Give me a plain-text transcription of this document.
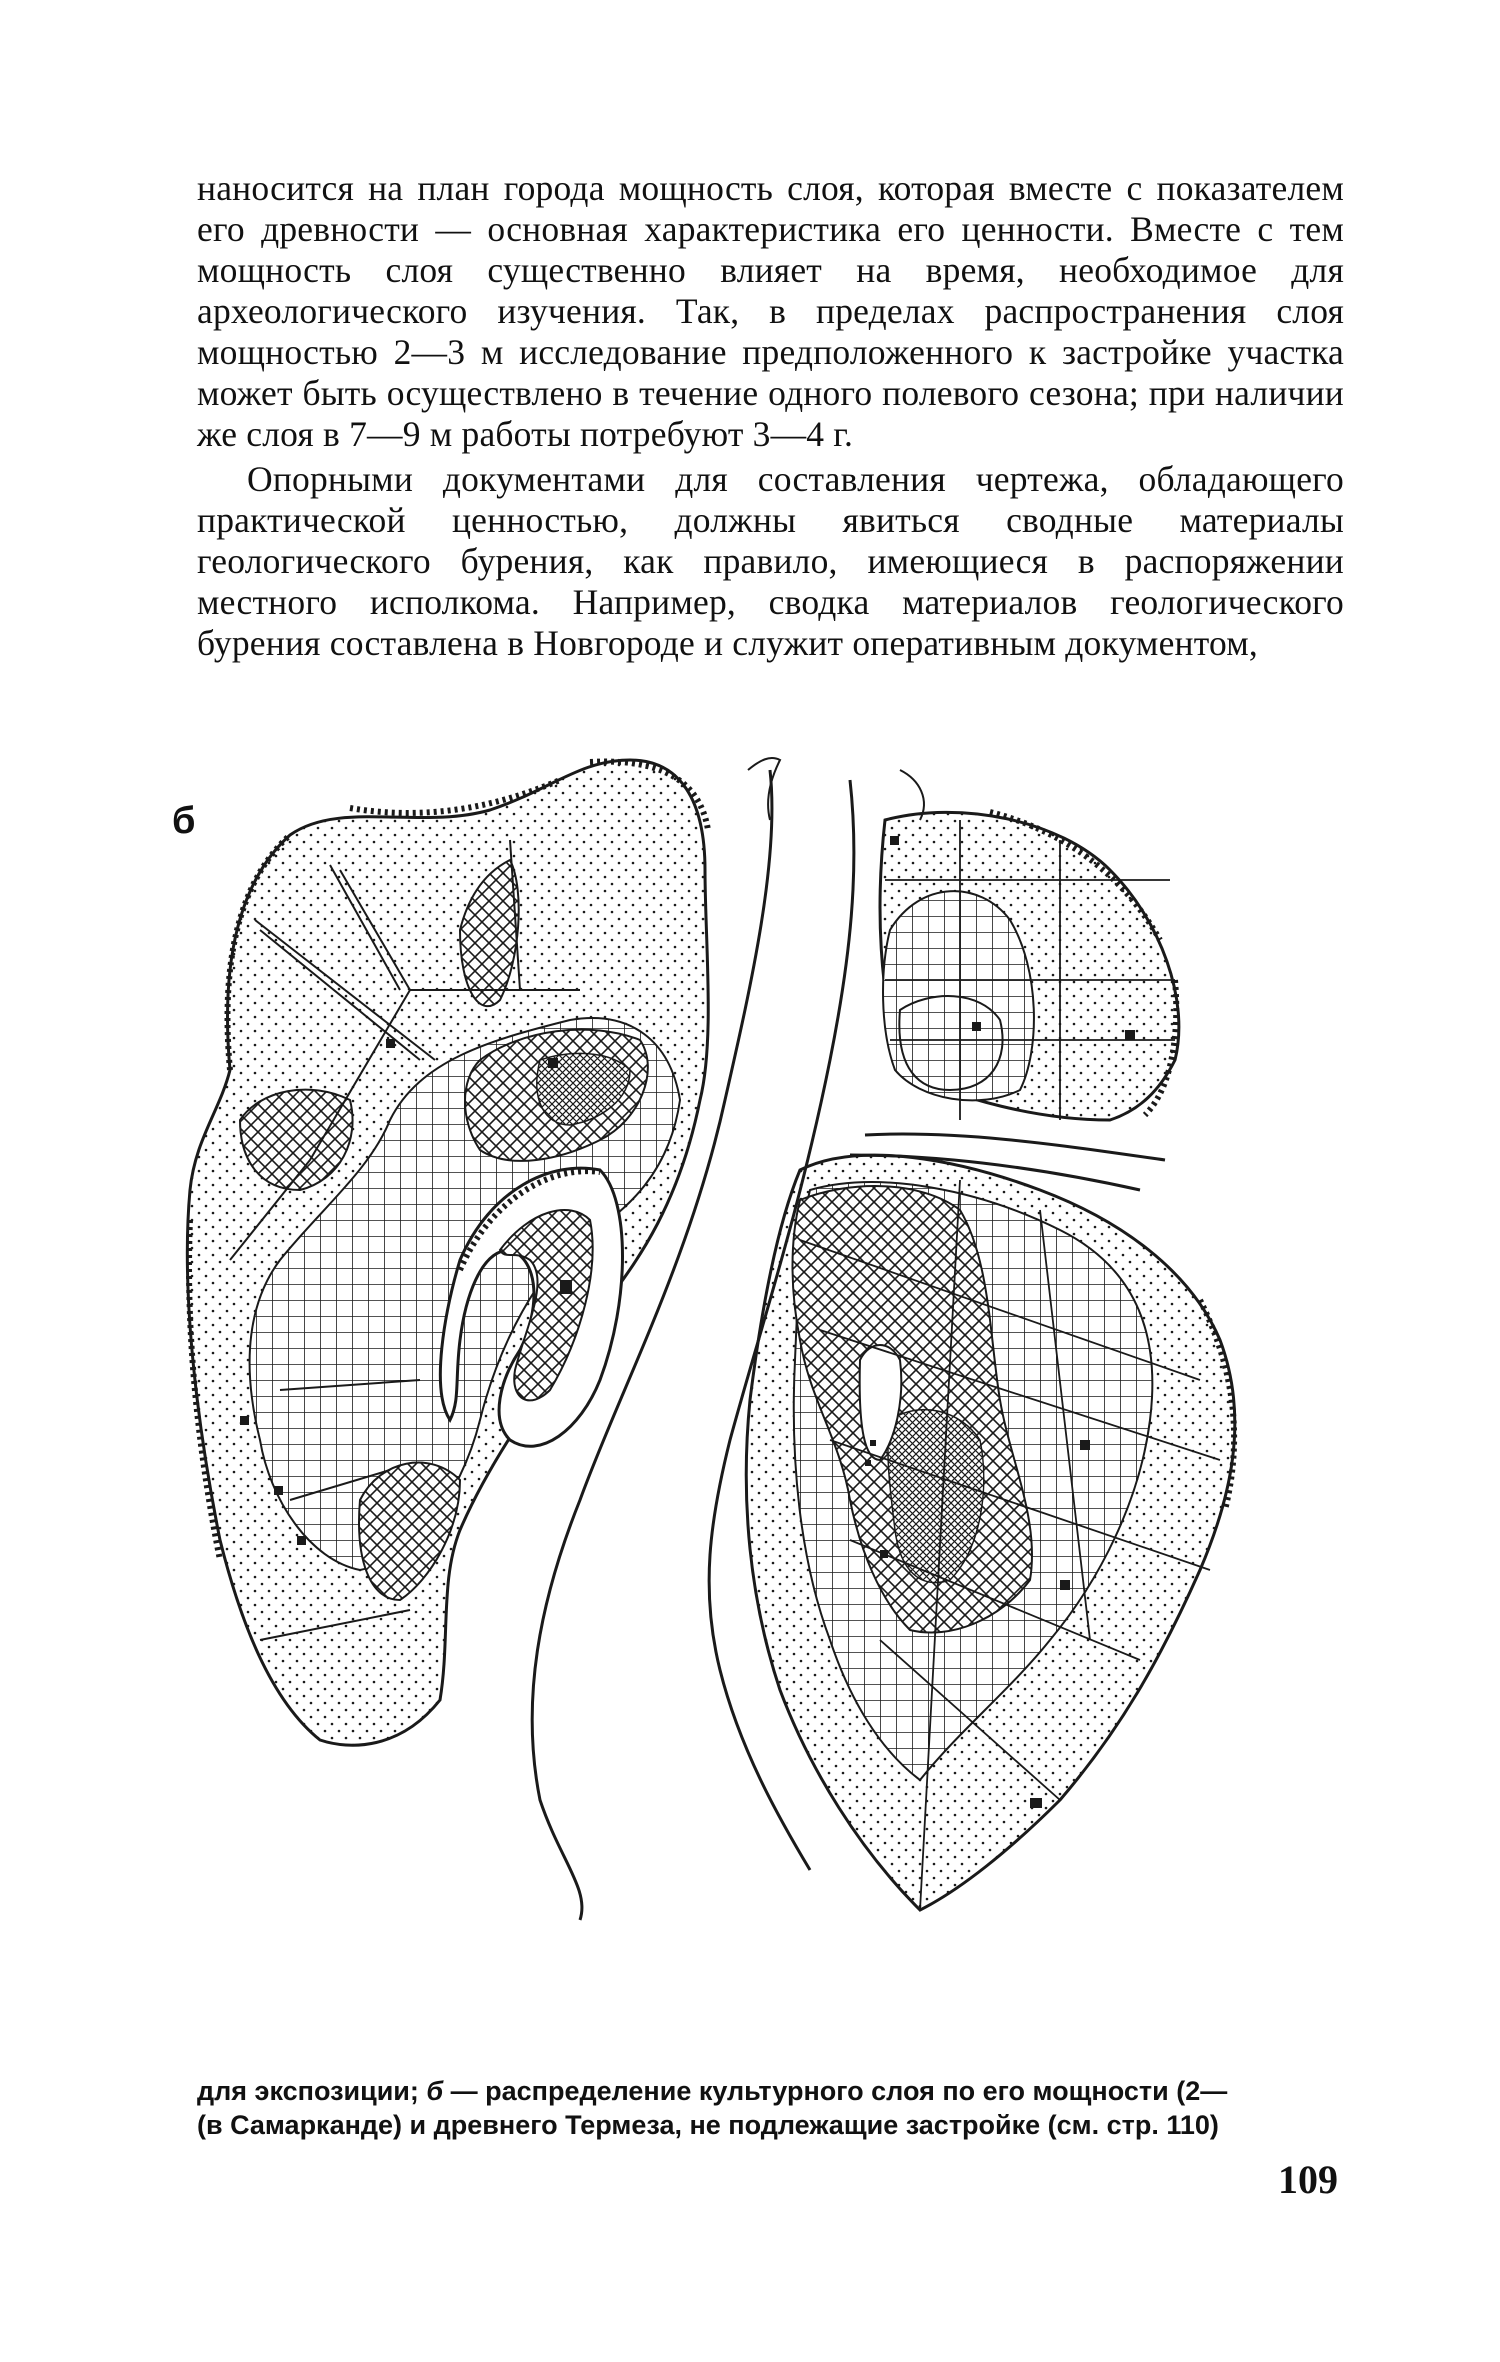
наносится на план города мощность слоя, которая вместе с показателем его древности — основная характеристика его ценности. Вместе с тем мощность слоя существенно влияет на время, необходимое для археологического изучения. Так, в пределах распространения слоя мощностью 2—3 м исследование предположенного к застройке участка может быть осуществлено в течение одного полевого сезона; при наличии же слоя в 7—9 м работы потребуют 3—4 г.

Опорными документами для составления чертежа, обладающего практической ценностью, должны явиться сводные материалы геологического бурения, как правило, имеющиеся в распоряжении местного исполкома. Например, сводка материалов геологического бурения составлена в Новгороде и служит оперативным документом,

б

для экспозиции; б — распределение культурного слоя по его мощности (2—

(в Самарканде) и древнего Термеза, не подлежащие застройке (см. стр. 110)

109
